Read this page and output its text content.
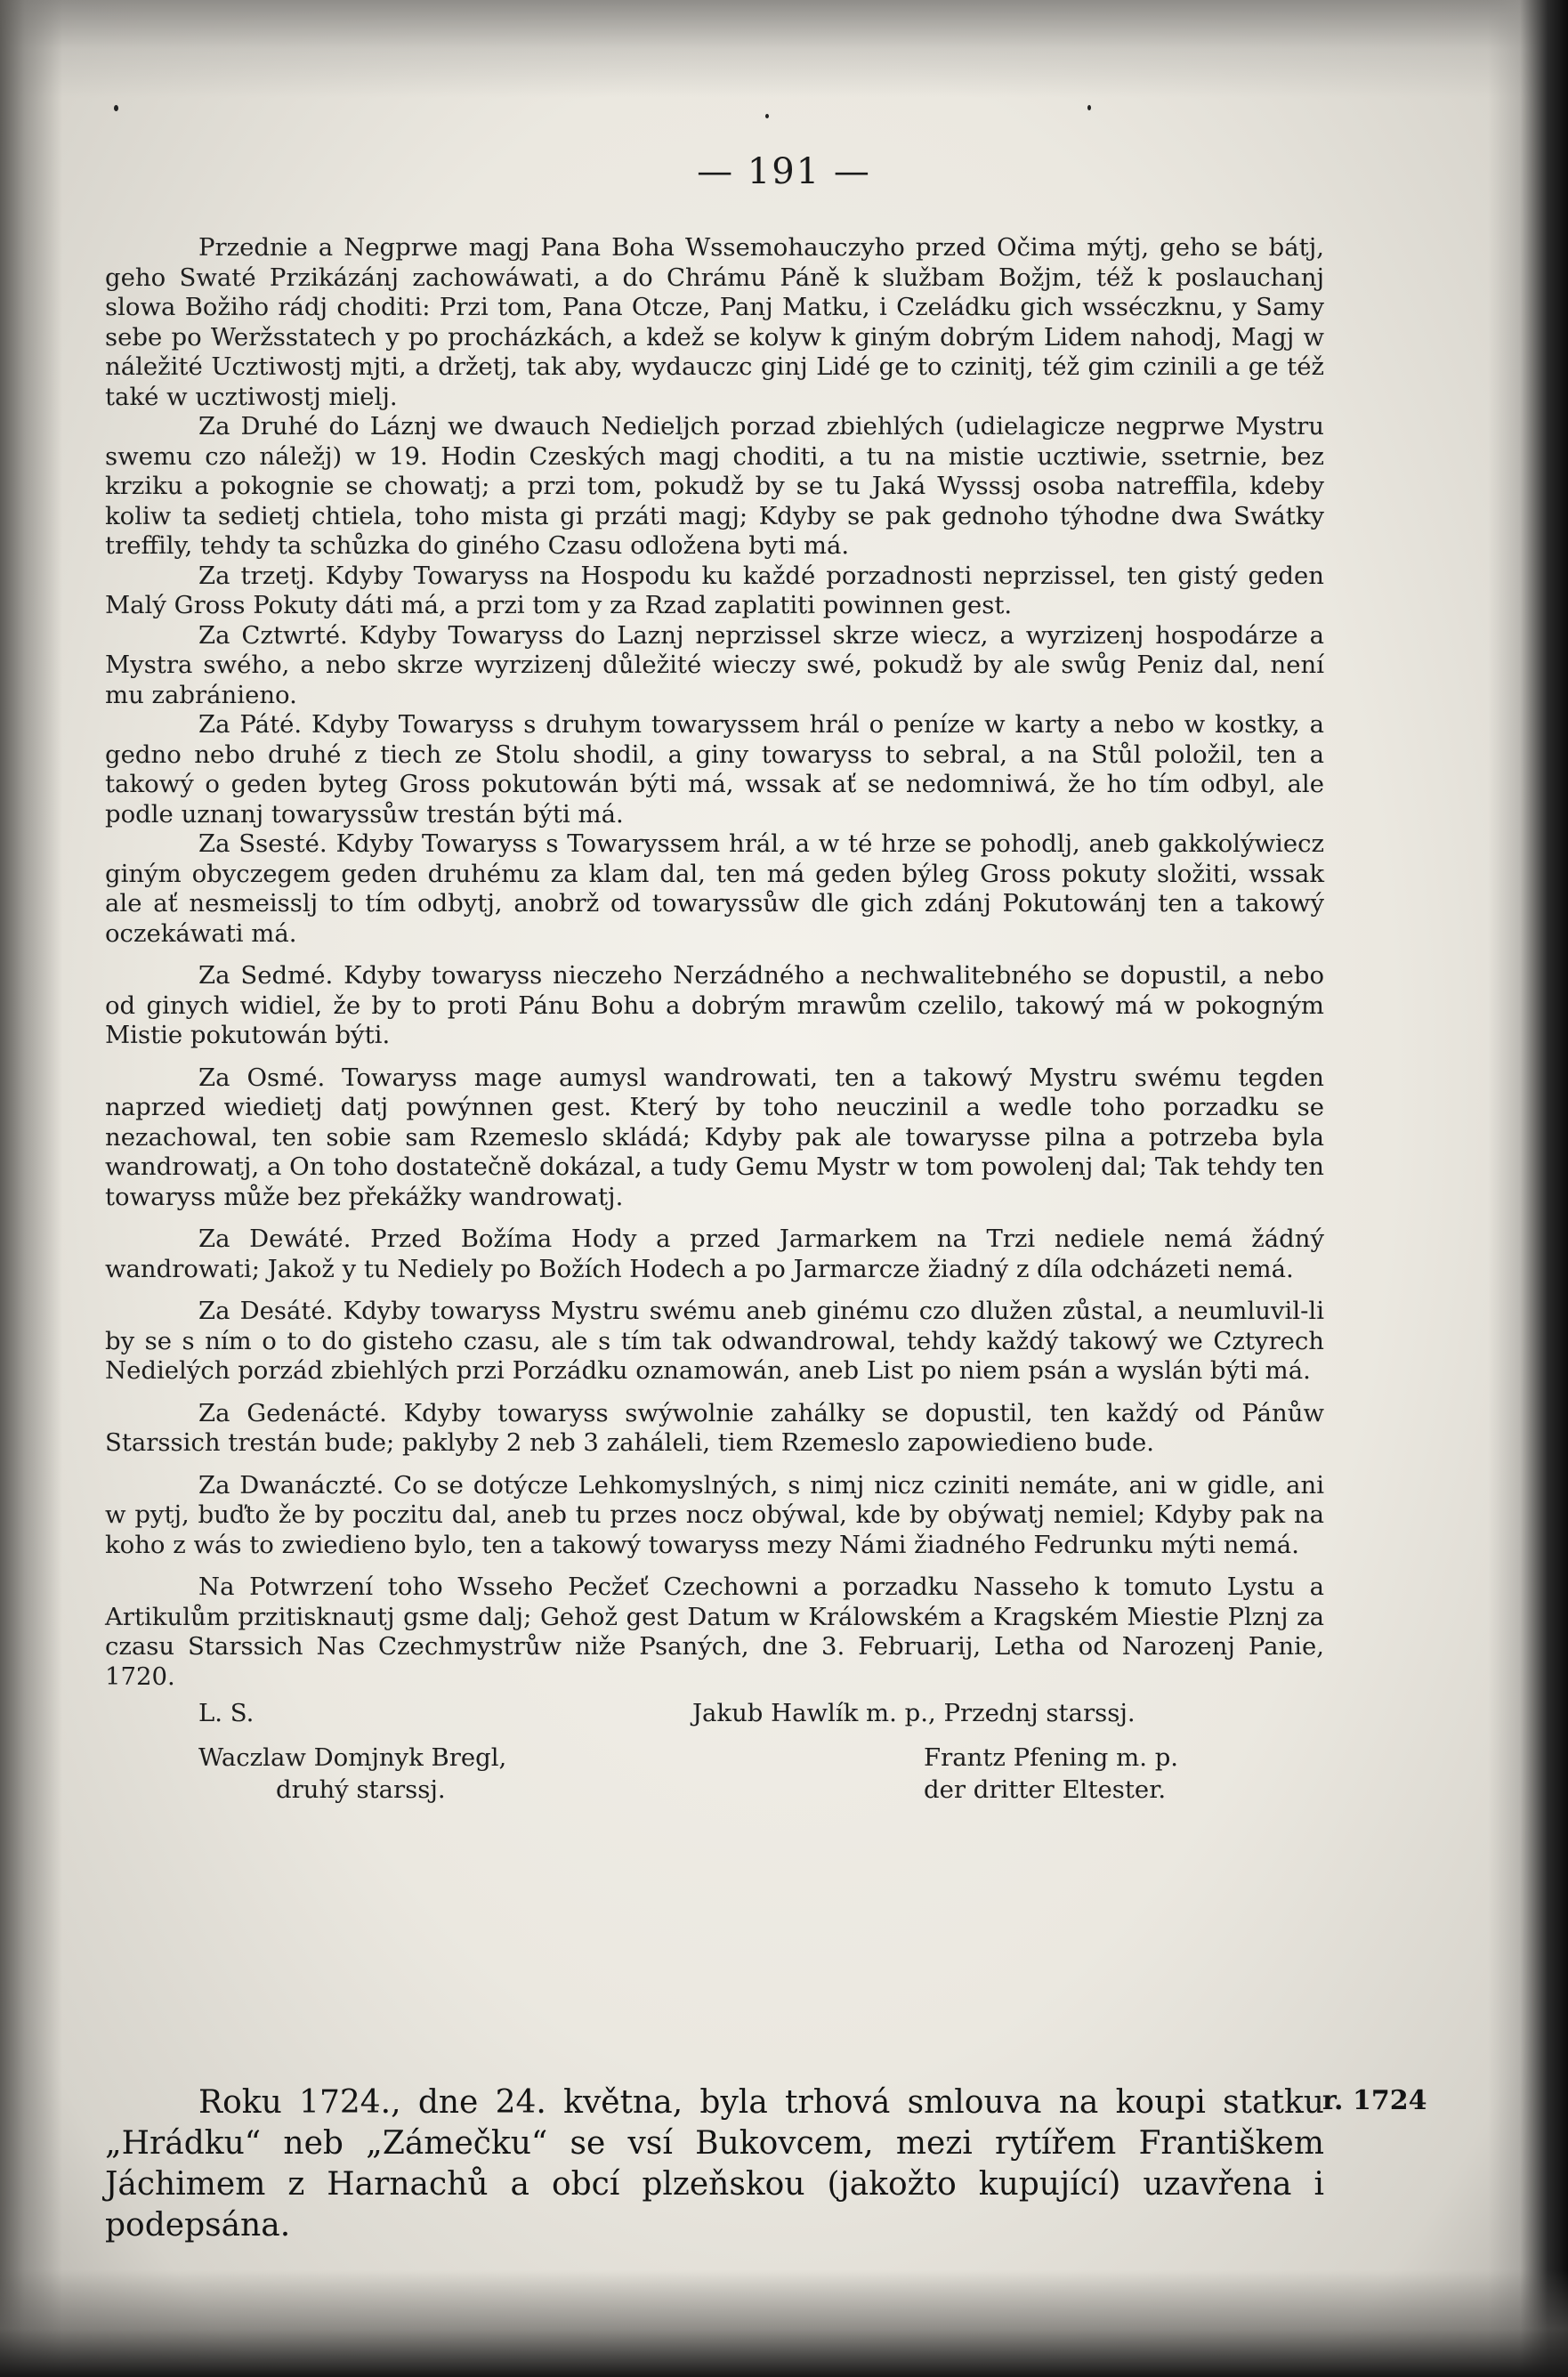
— 191 —

Przednie a Negprwe magj Pana Boha Wssemohauczyho przed Očima mýtj, geho se bátj, geho Swaté Przikázánj zachowáwati, a do Chrámu Páně k službam Božjm, též k poslauchanj slowa Božiho rádj choditi: Przi tom, Pana Otcze, Panj Matku, i Czeládku gich wsséczknu, y Samy sebe po Weržsstatech y po procházkách, a kdež se kolyw k giným dobrým Lidem nahodj, Magj w náležité Ucztiwostj mjti, a držetj, tak aby, wydauczc ginj Lidé ge to czinitj, též gim czinili a ge též také w ucztiwostj mielj.

Za Druhé do Láznj we dwauch Nedieljch porzad zbiehlých (udielagicze negprwe Mystru swemu czo náležj) w 19. Hodin Czeských magj choditi, a tu na mistie ucztiwie, ssetrnie, bez krziku a pokognie se chowatj; a przi tom, pokudž by se tu Jaká Wysssj osoba natreffila, kdeby koliw ta sedietj chtiela, toho mista gi przáti magj; Kdyby se pak gednoho týhodne dwa Swátky treffily, tehdy ta schůzka do giného Czasu odložena byti má.

Za trzetj. Kdyby Towaryss na Hospodu ku každé porzadnosti neprzissel, ten gistý geden Malý Gross Pokuty dáti má, a przi tom y za Rzad zaplatiti powinnen gest.

Za Cztwrté. Kdyby Towaryss do Laznj neprzissel skrze wiecz, a wyrzizenj hospodárze a Mystra swého, a nebo skrze wyrzizenj důležité wieczy swé, pokudž by ale swůg Peniz dal, není mu zabránieno.

Za Páté. Kdyby Towaryss s druhym towaryssem hrál o peníze w karty a nebo w kostky, a gedno nebo druhé z tiech ze Stolu shodil, a giny towaryss to sebral, a na Stůl položil, ten a takowý o geden byteg Gross pokutowán býti má, wssak ať se nedomniwá, že ho tím odbyl, ale podle uznanj towaryssůw trestán býti má.

Za Ssesté. Kdyby Towaryss s Towaryssem hrál, a w té hrze se pohodlj, aneb gakkolýwiecz giným obyczegem geden druhému za klam dal, ten má geden býleg Gross pokuty složiti, wssak ale ať nesmeisslj to tím odbytj, anobrž od towaryssůw dle gich zdánj Pokutowánj ten a takowý oczekáwati má.

Za Sedmé. Kdyby towaryss nieczeho Nerzádného a nechwalitebného se dopustil, a nebo od ginych widiel, že by to proti Pánu Bohu a dobrým mrawům czelilo, takowý má w pokogným Mistie pokutowán býti.

Za Osmé. Towaryss mage aumysl wandrowati, ten a takowý Mystru swému tegden naprzed wiedietj datj powýnnen gest. Který by toho neuczinil a wedle toho porzadku se nezachowal, ten sobie sam Rzemeslo skládá; Kdyby pak ale towarysse pilna a potrzeba byla wandrowatj, a On toho dostatečně dokázal, a tudy Gemu Mystr w tom powolenj dal; Tak tehdy ten towaryss může bez překážky wandrowatj.

Za Dewáté. Przed Božíma Hody a przed Jarmarkem na Trzi nediele nemá žádný wandrowati; Jakož y tu Nediely po Božích Hodech a po Jarmarcze žiadný z díla odcházeti nemá.

Za Desáté. Kdyby towaryss Mystru swému aneb ginému czo dlužen zůstal, a neumluvil-li by se s ním o to do gisteho czasu, ale s tím tak odwandrowal, tehdy každý takowý we Cztyrech Nedielých porzád zbiehlých przi Porzádku oznamowán, aneb List po niem psán a wyslán býti má.

Za Gedenácté. Kdyby towaryss swýwolnie zahálky se dopustil, ten každý od Pánůw Starssich trestán bude; paklyby 2 neb 3 zaháleli, tiem Rzemeslo zapowiedieno bude.

Za Dwanáczté. Co se dotýcze Lehkomyslných, s nimj nicz cziniti nemáte, ani w gidle, ani w pytj, buďto že by poczitu dal, aneb tu przes nocz obýwal, kde by obýwatj nemiel; Kdyby pak na koho z wás to zwiedieno bylo, ten a takowý towaryss mezy Námi žiadného Fedrunku mýti nemá.

Na Potwrzení toho Wsseho Pecžeť Czechowni a porzadku Nasseho k tomuto Lystu a Artikulům przitisknautj gsme dalj; Gehož gest Datum w Králowském a Kragském Miestie Plznj za czasu Starssich Nas Czechmystrůw niže Psaných, dne 3. Februarij, Letha od Narozenj Panie, 1720.

L. S.	Jakub Hawlík m. p., Przednj starssj.
Waczlaw Domjnyk Bregl,	Frantz Pfening m. p.
druhý starssj.	der dritter Eltester.

Roku 1724., dne 24. května, byla trhová smlouva na koupi statku „Hrádku“ neb „Zámečku“ se vsí Bukovcem, mezi rytířem Františkem Jáchimem z Harnachů a obcí plzeňskou (jakožto kupující) uzavřena i podepsána.

r. 1724
